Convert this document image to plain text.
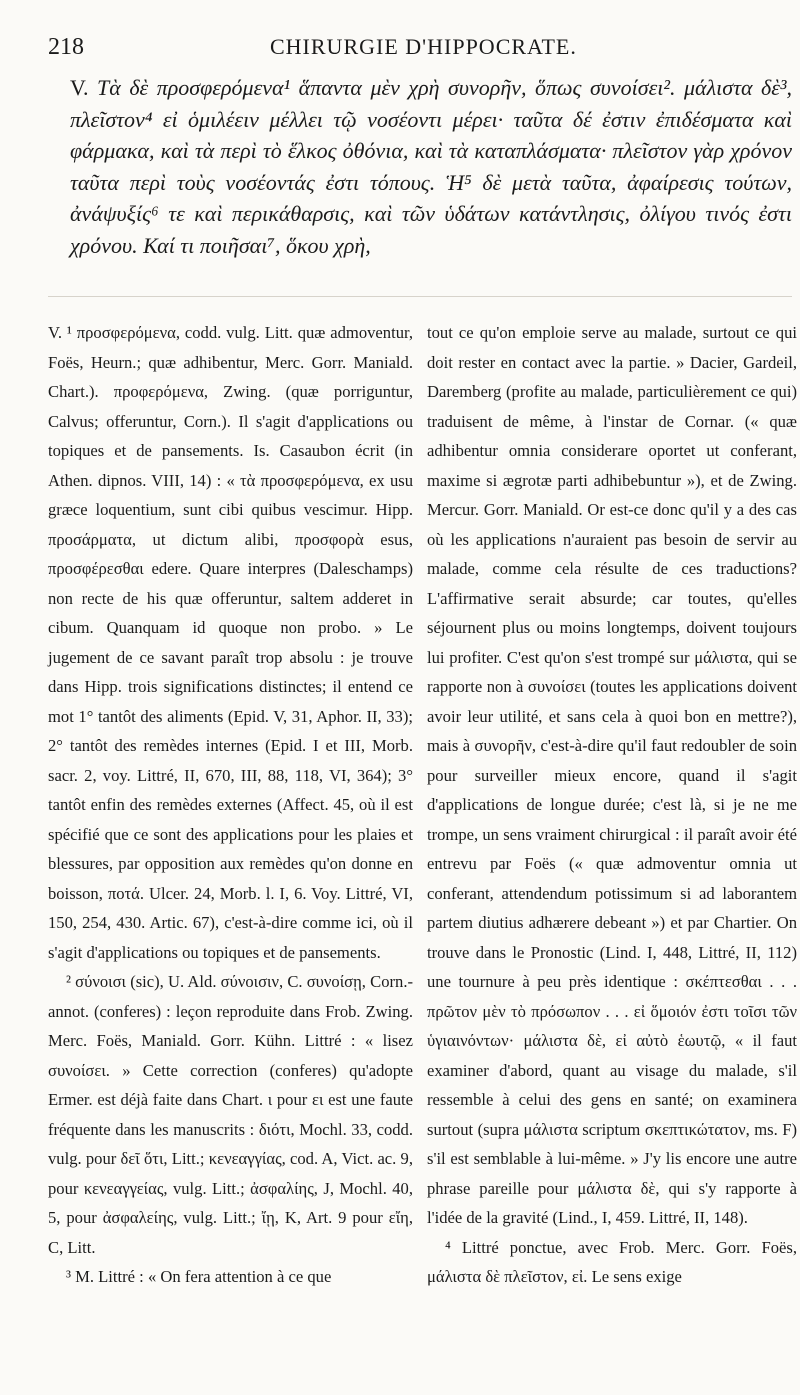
218	CHIRURGIE D'HIPPOCRATE.
V. Τὰ δὲ προσφερόμενα¹ ἅπαντα μὲν χρὴ συνορῆν, ὅπως συνοίσει². μάλιστα δὲ³, πλεῖστον⁴ εἰ ὁμιλέειν μέλλει τῷ νοσέοντι μέρει· ταῦτα δέ ἐστιν ἐπιδέσματα καὶ φάρμακα, καὶ τὰ περὶ τὸ ἕλκος ὀθόνια, καὶ τὰ καταπλάσματα· πλεῖστον γὰρ χρόνον ταῦτα περὶ τοὺς νοσέοντάς ἐστι τόπους. Ἡ⁵ δὲ μετὰ ταῦτα, ἀφαίρεσις τούτων, ἀνάψυξίς⁶ τε καὶ περικάθαρσις, καὶ τῶν ὑδάτων κατάντλησις, ὀλίγου τινός ἐστι χρόνου. Καί τι ποιῆσαι⁷, ὅκου χρὴ,

V. ¹ προσφερόμενα, codd. vulg. Litt. quæ admoventur, Foës, Heurn.; quæ adhibentur, Merc. Gorr. Maniald. Chart.). προφερόμενα, Zwing. (quæ porriguntur, Calvus; offeruntur, Corn.). Il s'agit d'applications ou topiques et de pansements. Is. Casaubon écrit (in Athen. dipnos. VIII, 14) : « τὰ προσφερόμενα, ex usu græce loquentium, sunt cibi quibus vescimur. Hipp. προσάρματα, ut dictum alibi, προσφορὰ esus, προσφέρεσθαι edere. Quare interpres (Daleschamps) non recte de his quæ offeruntur, saltem adderet in cibum. Quanquam id quoque non probo. » Le jugement de ce savant paraît trop absolu : je trouve dans Hipp. trois significations distinctes; il entend ce mot 1° tantôt des aliments (Epid. V, 31, Aphor. II, 33); 2° tantôt des remèdes internes (Epid. I et III, Morb. sacr. 2, voy. Littré, II, 670, III, 88, 118, VI, 364); 3° tantôt enfin des remèdes externes (Affect. 45, où il est spécifié que ce sont des applications pour les plaies et blessures, par opposition aux remèdes qu'on donne en boisson, ποτά. Ulcer. 24, Morb. l. I, 6. Voy. Littré, VI, 150, 254, 430. Artic. 67), c'est-à-dire comme ici, où il s'agit d'applications ou topiques et de pansements.

² σύνοισι (sic), U. Ald. σύνοισιν, C. συνοίσῃ, Corn.-annot. (conferes) : leçon reproduite dans Frob. Zwing. Merc. Foës, Maniald. Gorr. Kühn. Littré : « lisez συνοίσει. » Cette correction (conferes) qu'adopte Ermer. est déjà faite dans Chart. ι pour ει est une faute fréquente dans les manuscrits : διότι, Mochl. 33, codd. vulg. pour δεῖ ὅτι, Litt.; κενεαγγίας, cod. A, Vict. ac. 9, pour κενεαγγείας, vulg. Litt.; ἀσφαλίης, J, Mochl. 40, 5, pour ἀσφαλείης, vulg. Litt.; ἴῃ, K, Art. 9 pour εἴη, C, Litt.

³ M. Littré : « On fera attention à ce que

tout ce qu'on emploie serve au malade, surtout ce qui doit rester en contact avec la partie. » Dacier, Gardeil, Daremberg (profite au malade, particulièrement ce qui) traduisent de même, à l'instar de Cornar. (« quæ adhibentur omnia considerare oportet ut conferant, maxime si ægrotæ parti adhibebuntur »), et de Zwing. Mercur. Gorr. Maniald. Or est-ce donc qu'il y a des cas où les applications n'auraient pas besoin de servir au malade, comme cela résulte de ces traductions? L'affirmative serait absurde; car toutes, qu'elles séjournent plus ou moins longtemps, doivent toujours lui profiter. C'est qu'on s'est trompé sur μάλιστα, qui se rapporte non à συνοίσει (toutes les applications doivent avoir leur utilité, et sans cela à quoi bon en mettre?), mais à συνορῆν, c'est-à-dire qu'il faut redoubler de soin pour surveiller mieux encore, quand il s'agit d'applications de longue durée; c'est là, si je ne me trompe, un sens vraiment chirurgical : il paraît avoir été entrevu par Foës (« quæ admoventur omnia ut conferant, attendendum potissimum si ad laborantem partem diutius adhærere debeant ») et par Chartier. On trouve dans le Pronostic (Lind. I, 448, Littré, II, 112) une tournure à peu près identique : σκέπτεσθαι . . . πρῶτον μὲν τὸ πρόσωπον . . . εἰ ὅμοιόν ἐστι τοῖσι τῶν ὑγιαινόντων· μάλιστα δὲ, εἰ αὐτὸ ἑωυτῷ, « il faut examiner d'abord, quant au visage du malade, s'il ressemble à celui des gens en santé; on examinera surtout (supra μάλιστα scriptum σκεπτικώτατον, ms. F) s'il est semblable à lui-même. » J'y lis encore une autre phrase pareille pour μάλιστα δὲ, qui s'y rapporte à l'idée de la gravité (Lind., I, 459. Littré, II, 148).

⁴ Littré ponctue, avec Frob. Merc. Gorr. Foës, μάλιστα δὲ πλεῖστον, εἰ. Le sens exige
